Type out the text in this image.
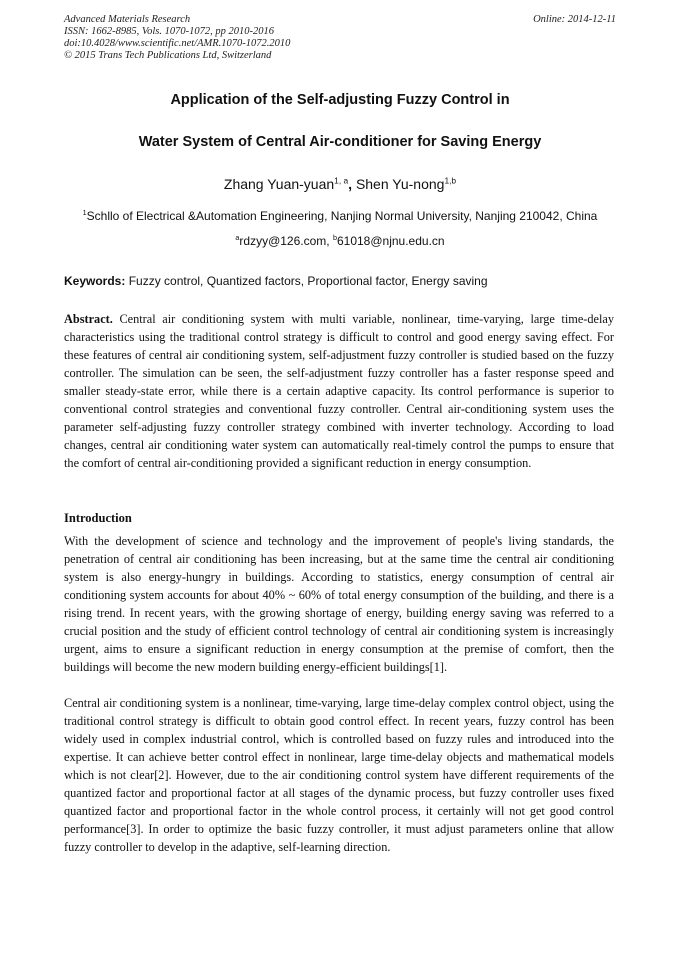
Advanced Materials Research	Online: 2014-12-11
ISSN: 1662-8985, Vols. 1070-1072, pp 2010-2016
doi:10.4028/www.scientific.net/AMR.1070-1072.2010
© 2015 Trans Tech Publications Ltd, Switzerland
Application of the Self-adjusting Fuzzy Control in
Water System of Central Air-conditioner for Saving Energy
Zhang Yuan-yuan$^{1, a}$, Shen Yu-nong$^{1,b}$
$^1$Schllo of Electrical &Automation Engineering, Nanjing Normal University, Nanjing 210042, China
$^a$rdzyy@126.com, $^b$61018@njnu.edu.cn
Keywords: Fuzzy control, Quantized factors, Proportional factor, Energy saving
Abstract. Central air conditioning system with multi variable, nonlinear, time-varying, large time-delay characteristics using the traditional control strategy is difficult to control and good energy saving effect. For these features of central air conditioning system, self-adjustment fuzzy controller is studied based on the fuzzy controller. The simulation can be seen, the self-adjustment fuzzy controller has a faster response speed and smaller steady-state error, while there is a certain adaptive capacity. Its control performance is superior to conventional control strategies and conventional fuzzy controller. Central air-conditioning system uses the parameter self-adjusting fuzzy controller strategy combined with inverter technology. According to load changes, central air conditioning water system can automatically real-timely control the pumps to ensure that the comfort of central air-conditioning provided a significant reduction in energy consumption.
Introduction
With the development of science and technology and the improvement of people's living standards, the penetration of central air conditioning has been increasing, but at the same time the central air conditioning system is also energy-hungry in buildings. According to statistics, energy consumption of central air conditioning system accounts for about 40% ~ 60% of total energy consumption of the building, and there is a rising trend. In recent years, with the growing shortage of energy, building energy saving was referred to a crucial position and the study of efficient control technology of central air conditioning system is increasingly urgent, aims to ensure a significant reduction in energy consumption at the premise of comfort, then the buildings will become the new modern building energy-efficient buildings[1].
Central air conditioning system is a nonlinear, time-varying, large time-delay complex control object, using the traditional control strategy is difficult to obtain good control effect. In recent years, fuzzy control has been widely used in complex industrial control, which is controlled based on fuzzy rules and introduced into the expertise. It can achieve better control effect in nonlinear, large time-delay objects and mathematical models which is not clear[2]. However, due to the air conditioning control system have different requirements of the quantized factor and proportional factor at all stages of the dynamic process, but fuzzy controller uses fixed quantized factor and proportional factor in the whole control process, it certainly will not get good control performance[3]. In order to optimize the basic fuzzy controller, it must adjust parameters online that allow fuzzy controller to develop in the adaptive, self-learning direction.
